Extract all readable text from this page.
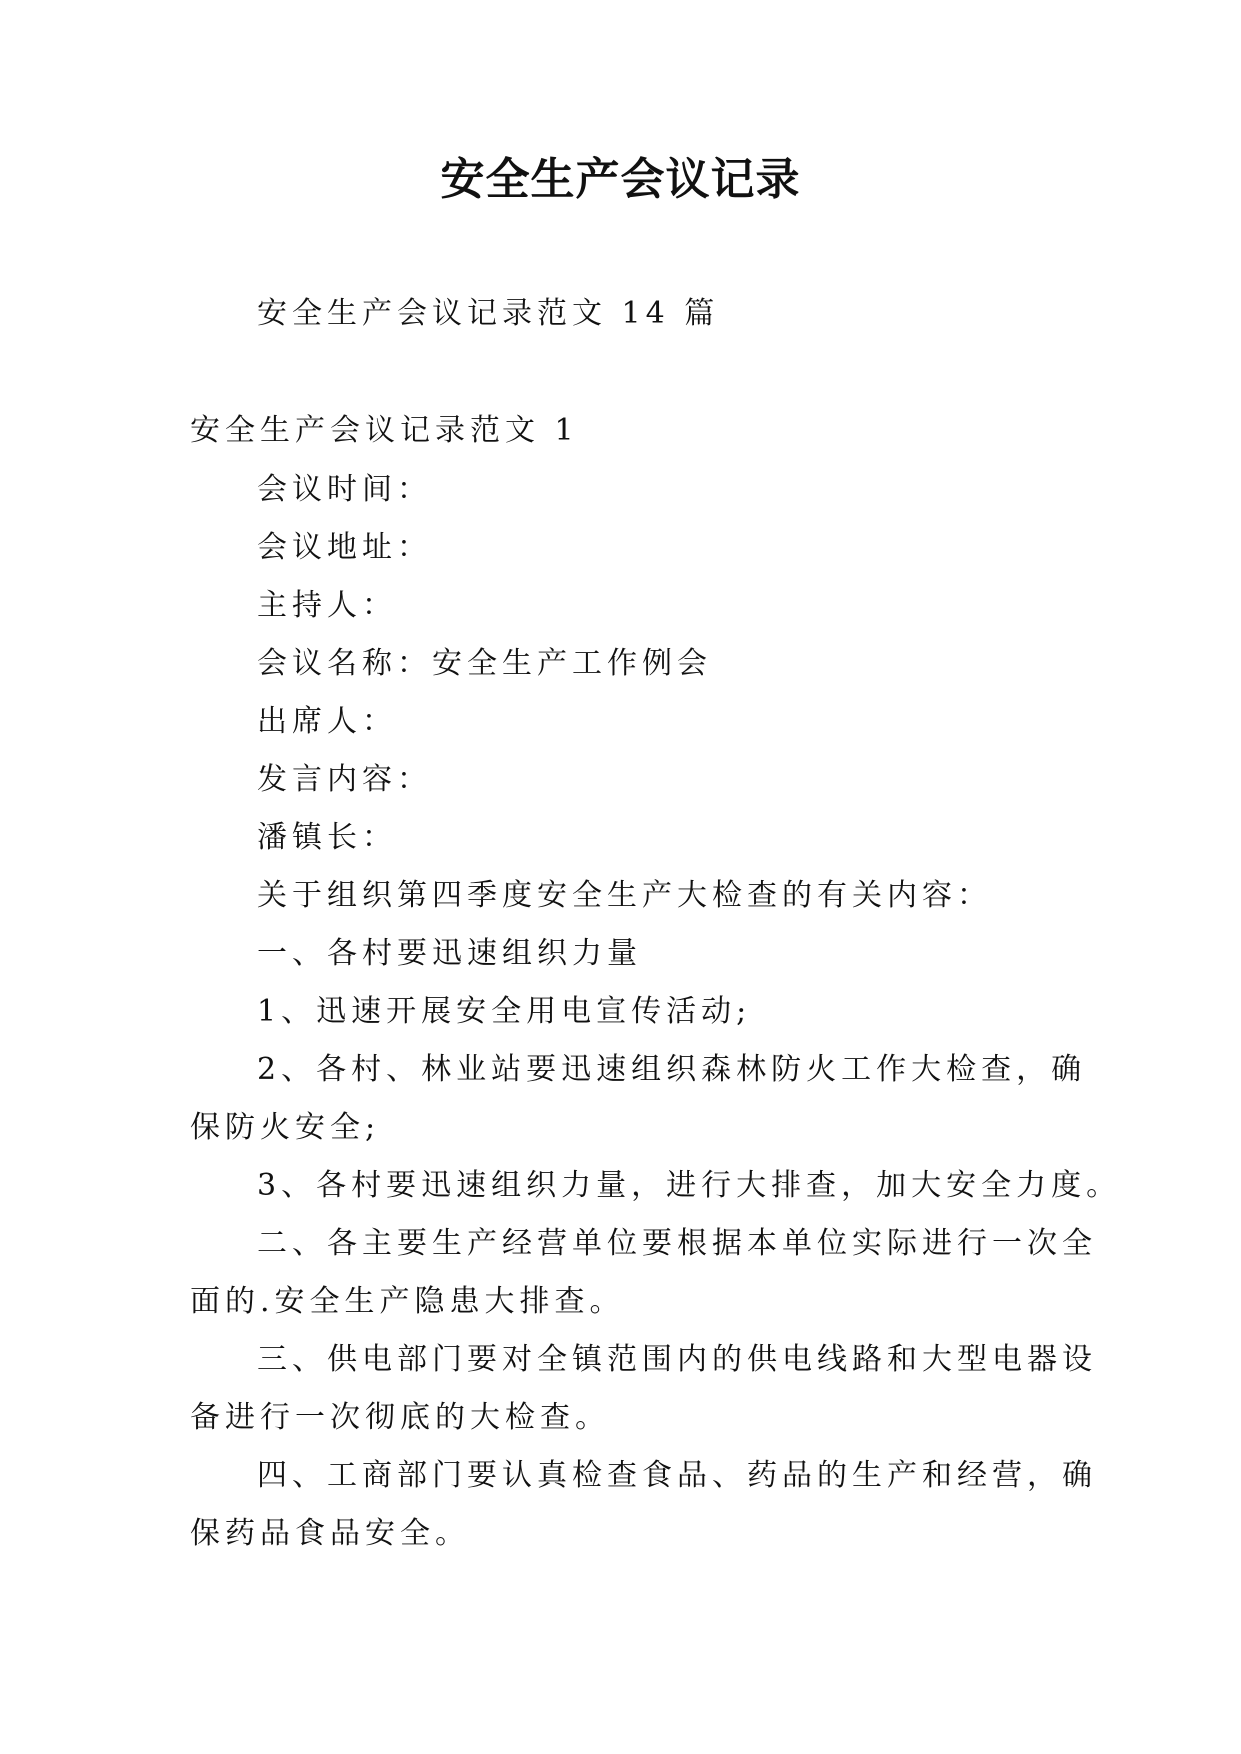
安全生产会议记录
安全生产会议记录范文 14 篇
安全生产会议记录范文 1
会议时间：
会议地址：
主持人：
会议名称：安全生产工作例会
出席人：
发言内容：
潘镇长：
关于组织第四季度安全生产大检查的有关内容：
一、各村要迅速组织力量
1、迅速开展安全用电宣传活动;
2、各村、林业站要迅速组织森林防火工作大检查，确
保防火安全;
3、各村要迅速组织力量，进行大排查，加大安全力度。
二、各主要生产经营单位要根据本单位实际进行一次全
面的.安全生产隐患大排查。
三、供电部门要对全镇范围内的供电线路和大型电器设
备进行一次彻底的大检查。
四、工商部门要认真检查食品、药品的生产和经营，确
保药品食品安全。
